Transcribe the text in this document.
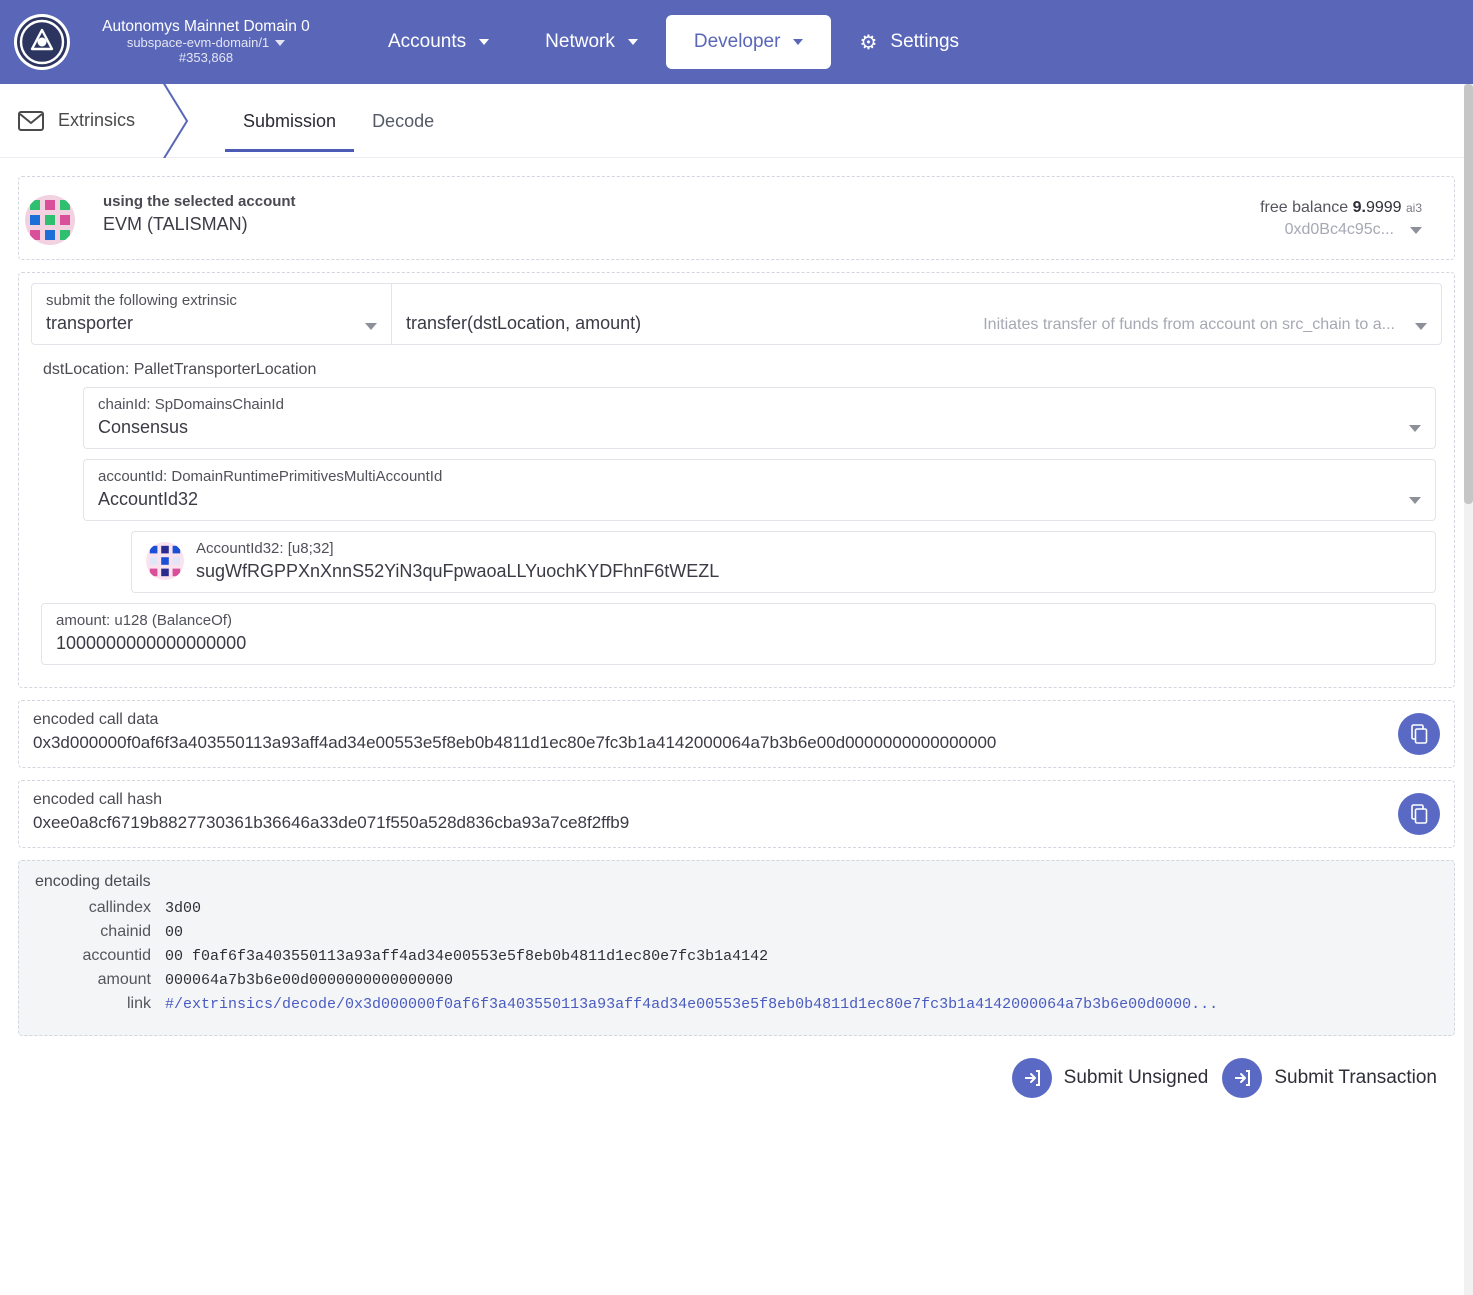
Autonomys Mainnet Domain 0
subspace-evm-domain/1
#353,868
Accounts	Network	Developer	⚙ Settings
Extrinsics	Submission	Decode
using the selected account
EVM (TALISMAN)
free balance 9.9999 ai3
0xd0Bc4c95c...
submit the following extrinsic
transporter	transfer(dstLocation, amount)	Initiates transfer of funds from account on src_chain to a...
dstLocation: PalletTransporterLocation
chainId: SpDomainsChainId
Consensus
accountId: DomainRuntimePrimitivesMultiAccountId
AccountId32
AccountId32: [u8;32]
sugWfRGPPXnXnnS52YiN3quFpwaoaLLYuochKYDFhnF6tWEZL
amount: u128 (BalanceOf)
1000000000000000000
encoded call data
0x3d000000f0af6f3a403550113a93aff4ad34e00553e5f8eb0b4811d1ec80e7fc3b1a4142000064a7b3b6e00d0000000000000000
encoded call hash
0xee0a8cf6719b8827730361b36646a33de071f550a528d836cba93a7ce8f2ffb9
encoding details
callindex 3d00
chainid 00
accountid 00 f0af6f3a403550113a93aff4ad34e00553e5f8eb0b4811d1ec80e7fc3b1a4142
amount 000064a7b3b6e00d0000000000000000
link #/extrinsics/decode/0x3d000000f0af6f3a403550113a93aff4ad34e00553e5f8eb0b4811d1ec80e7fc3b1a4142000064a7b3b6e00d0000...
Submit Unsigned	Submit Transaction
